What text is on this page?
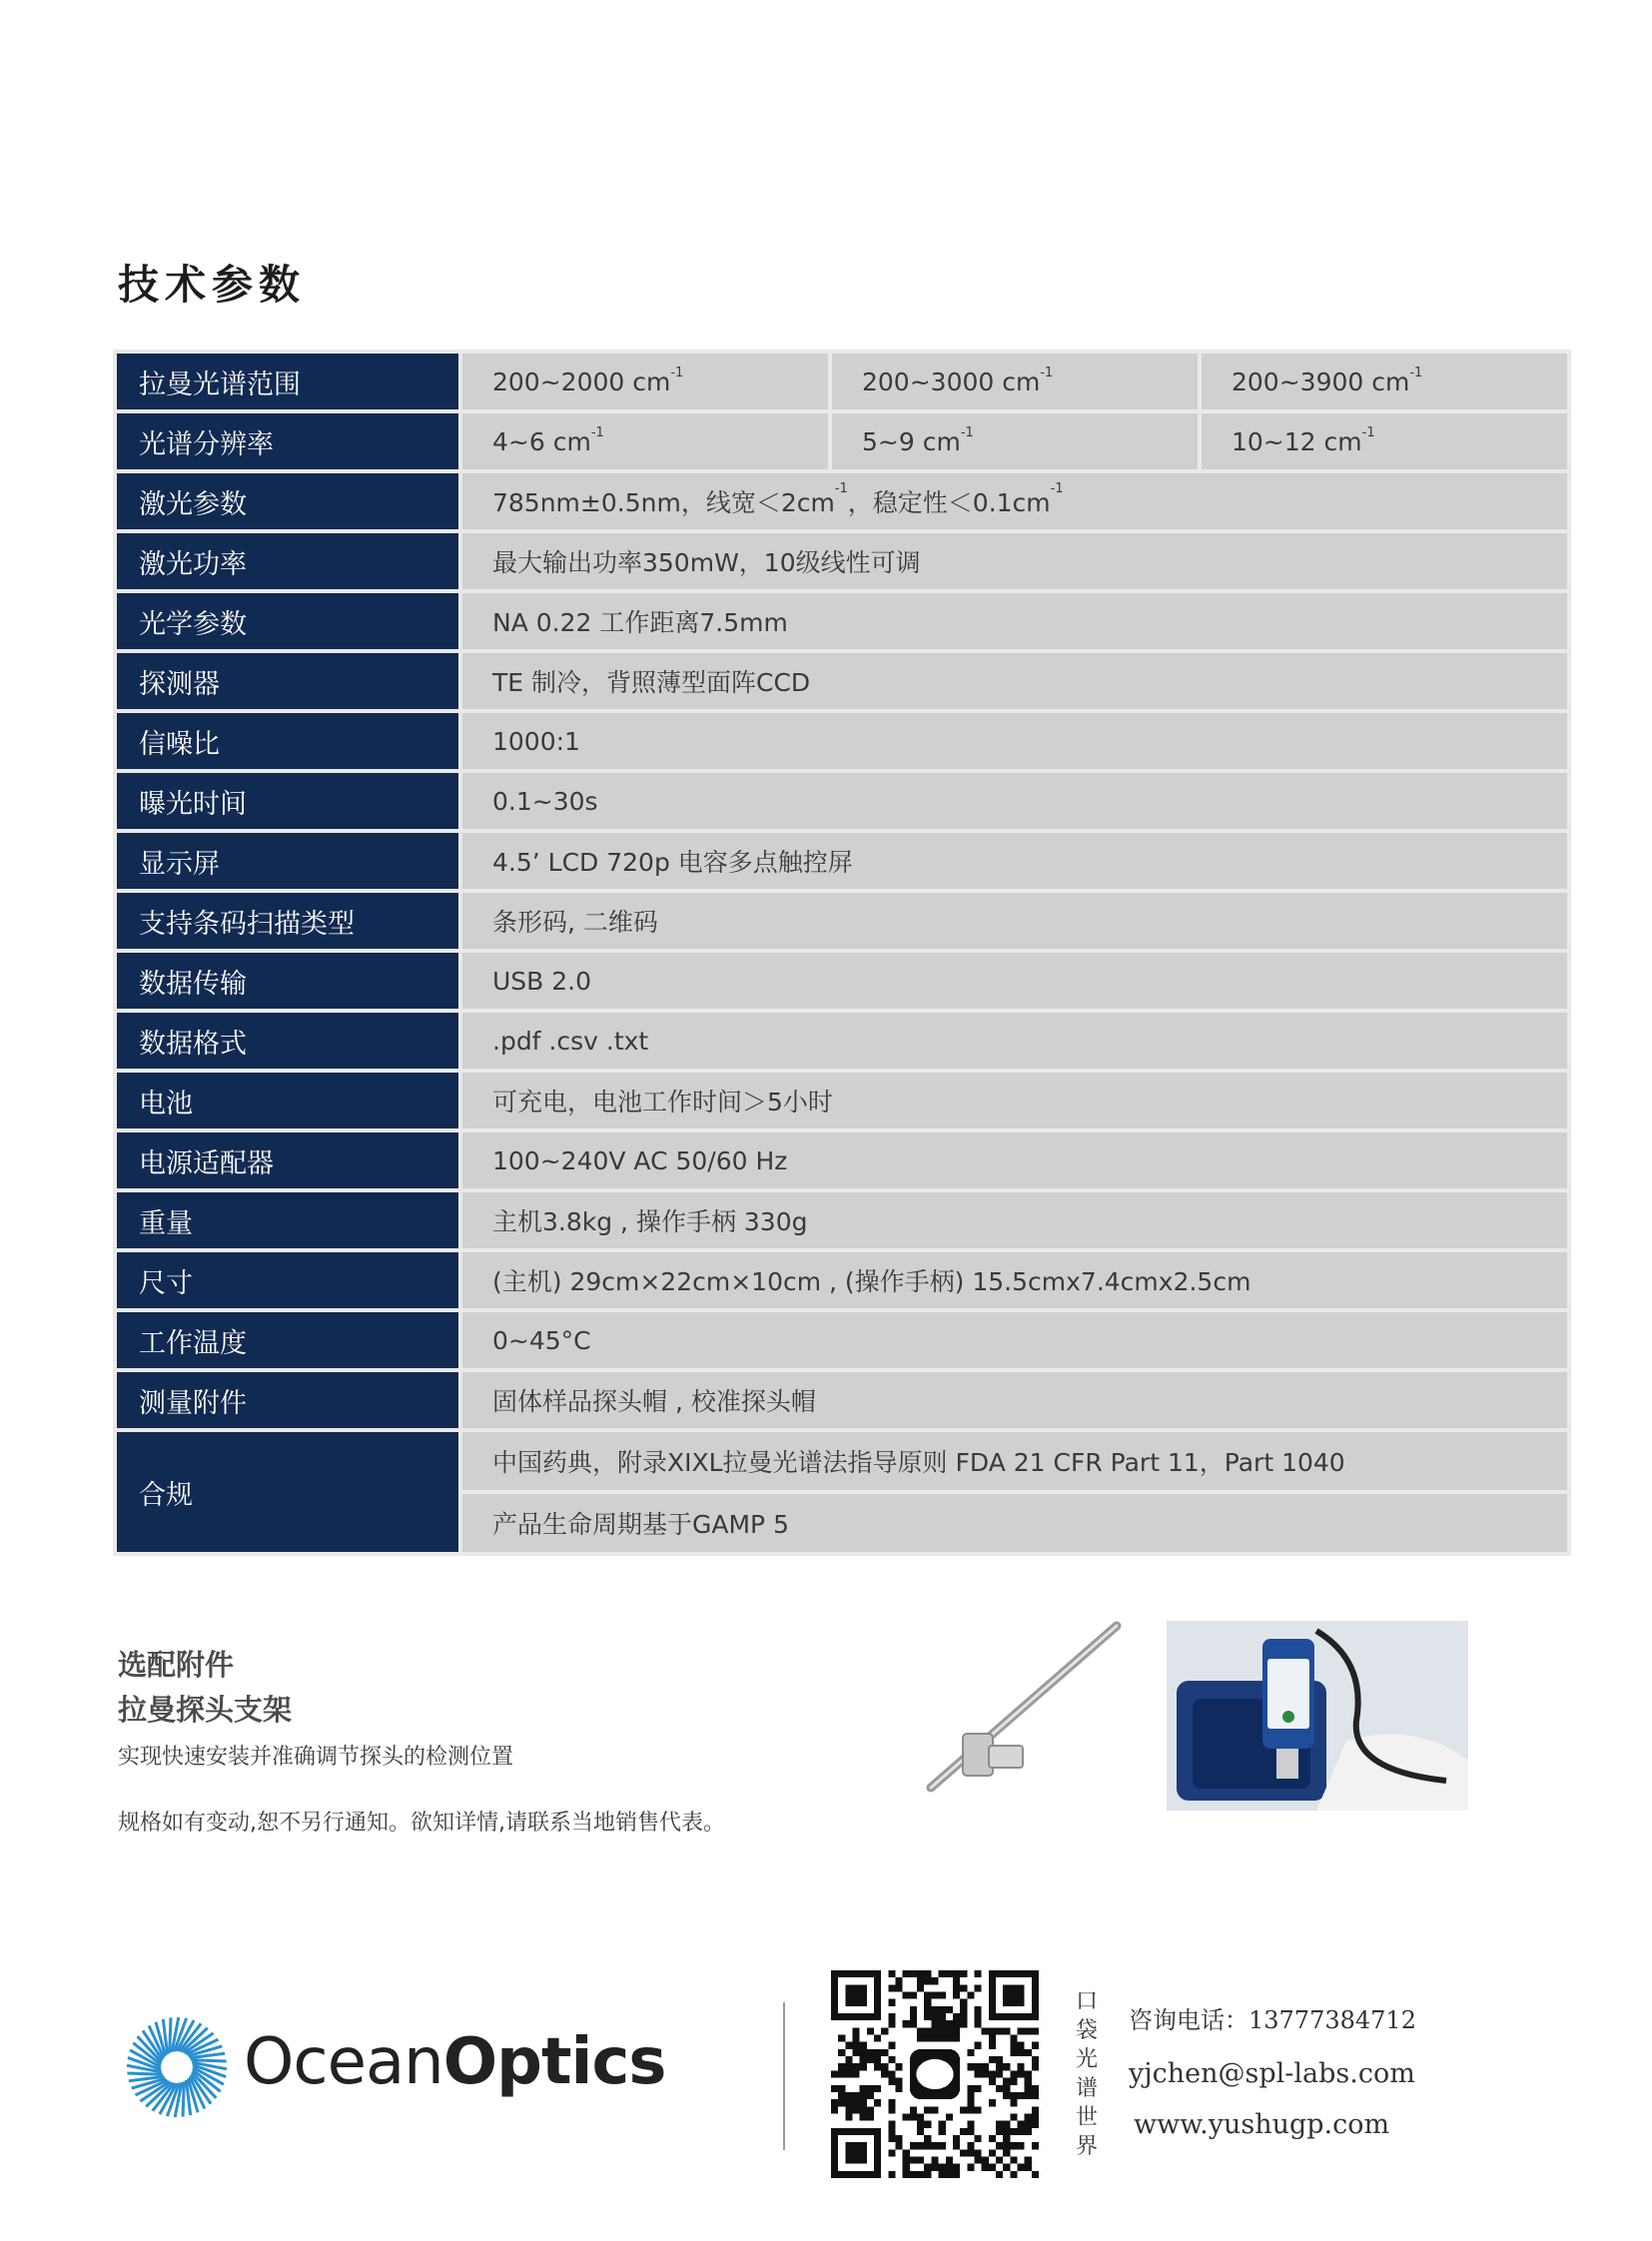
技术参数
拉曼光谱范围	200~2000 $cm^{-1}$	200~3000 $cm^{-1}$	200~3900 $cm^{-1}$
光谱分辨率	4~6 $cm^{-1}$	5~9 $cm^{-1}$	10~12 $cm^{-1}$
激光参数	785nm±0.5nm，线宽$<2cm^{-1}$，稳定性$<0.1cm^{-1}$
激光功率	最大输出功率350mW，10级线性可调		
光学参数	NA 0.22 工作距离7.5mm		
探测器	TE 制冷，背照薄型面阵CCD		
信噪比	1000:1		
曝光时间	0.1~30s		
显示屏	4.5’ LCD 720p 电容多点触控屏		
支持条码扫描类型	条形码, 二维码		
数据传输	USB 2.0		
数据格式	.pdf .csv .txt		
电池	可充电，电池工作时间＞5小时		
电源适配器	100~240V AC 50/60 Hz		
重量	主机3.8kg , 操作手柄 330g		
尺寸	(主机) 29cm×22cm×10cm , (操作手柄) 15.5cmx7.4cmx2.5cm		
工作温度	0~45°C		
测量附件	固体样品探头帽 , 校准探头帽		
合规	中国药典，附录XIXL拉曼光谱法指导原则 FDA 21 CFR Part 11，Part 1040		
	产品生命周期基于GAMP 5		
选配附件
拉曼探头支架
实现快速安装并准确调节探头的检测位置
规格如有变动,恕不另行通知。欲知详情,请联系当地销售代表。
OceanOptics
口袋光谱世界
咨询电话：13777384712
yjchen@spl-labs.com
www.yushugp.com
